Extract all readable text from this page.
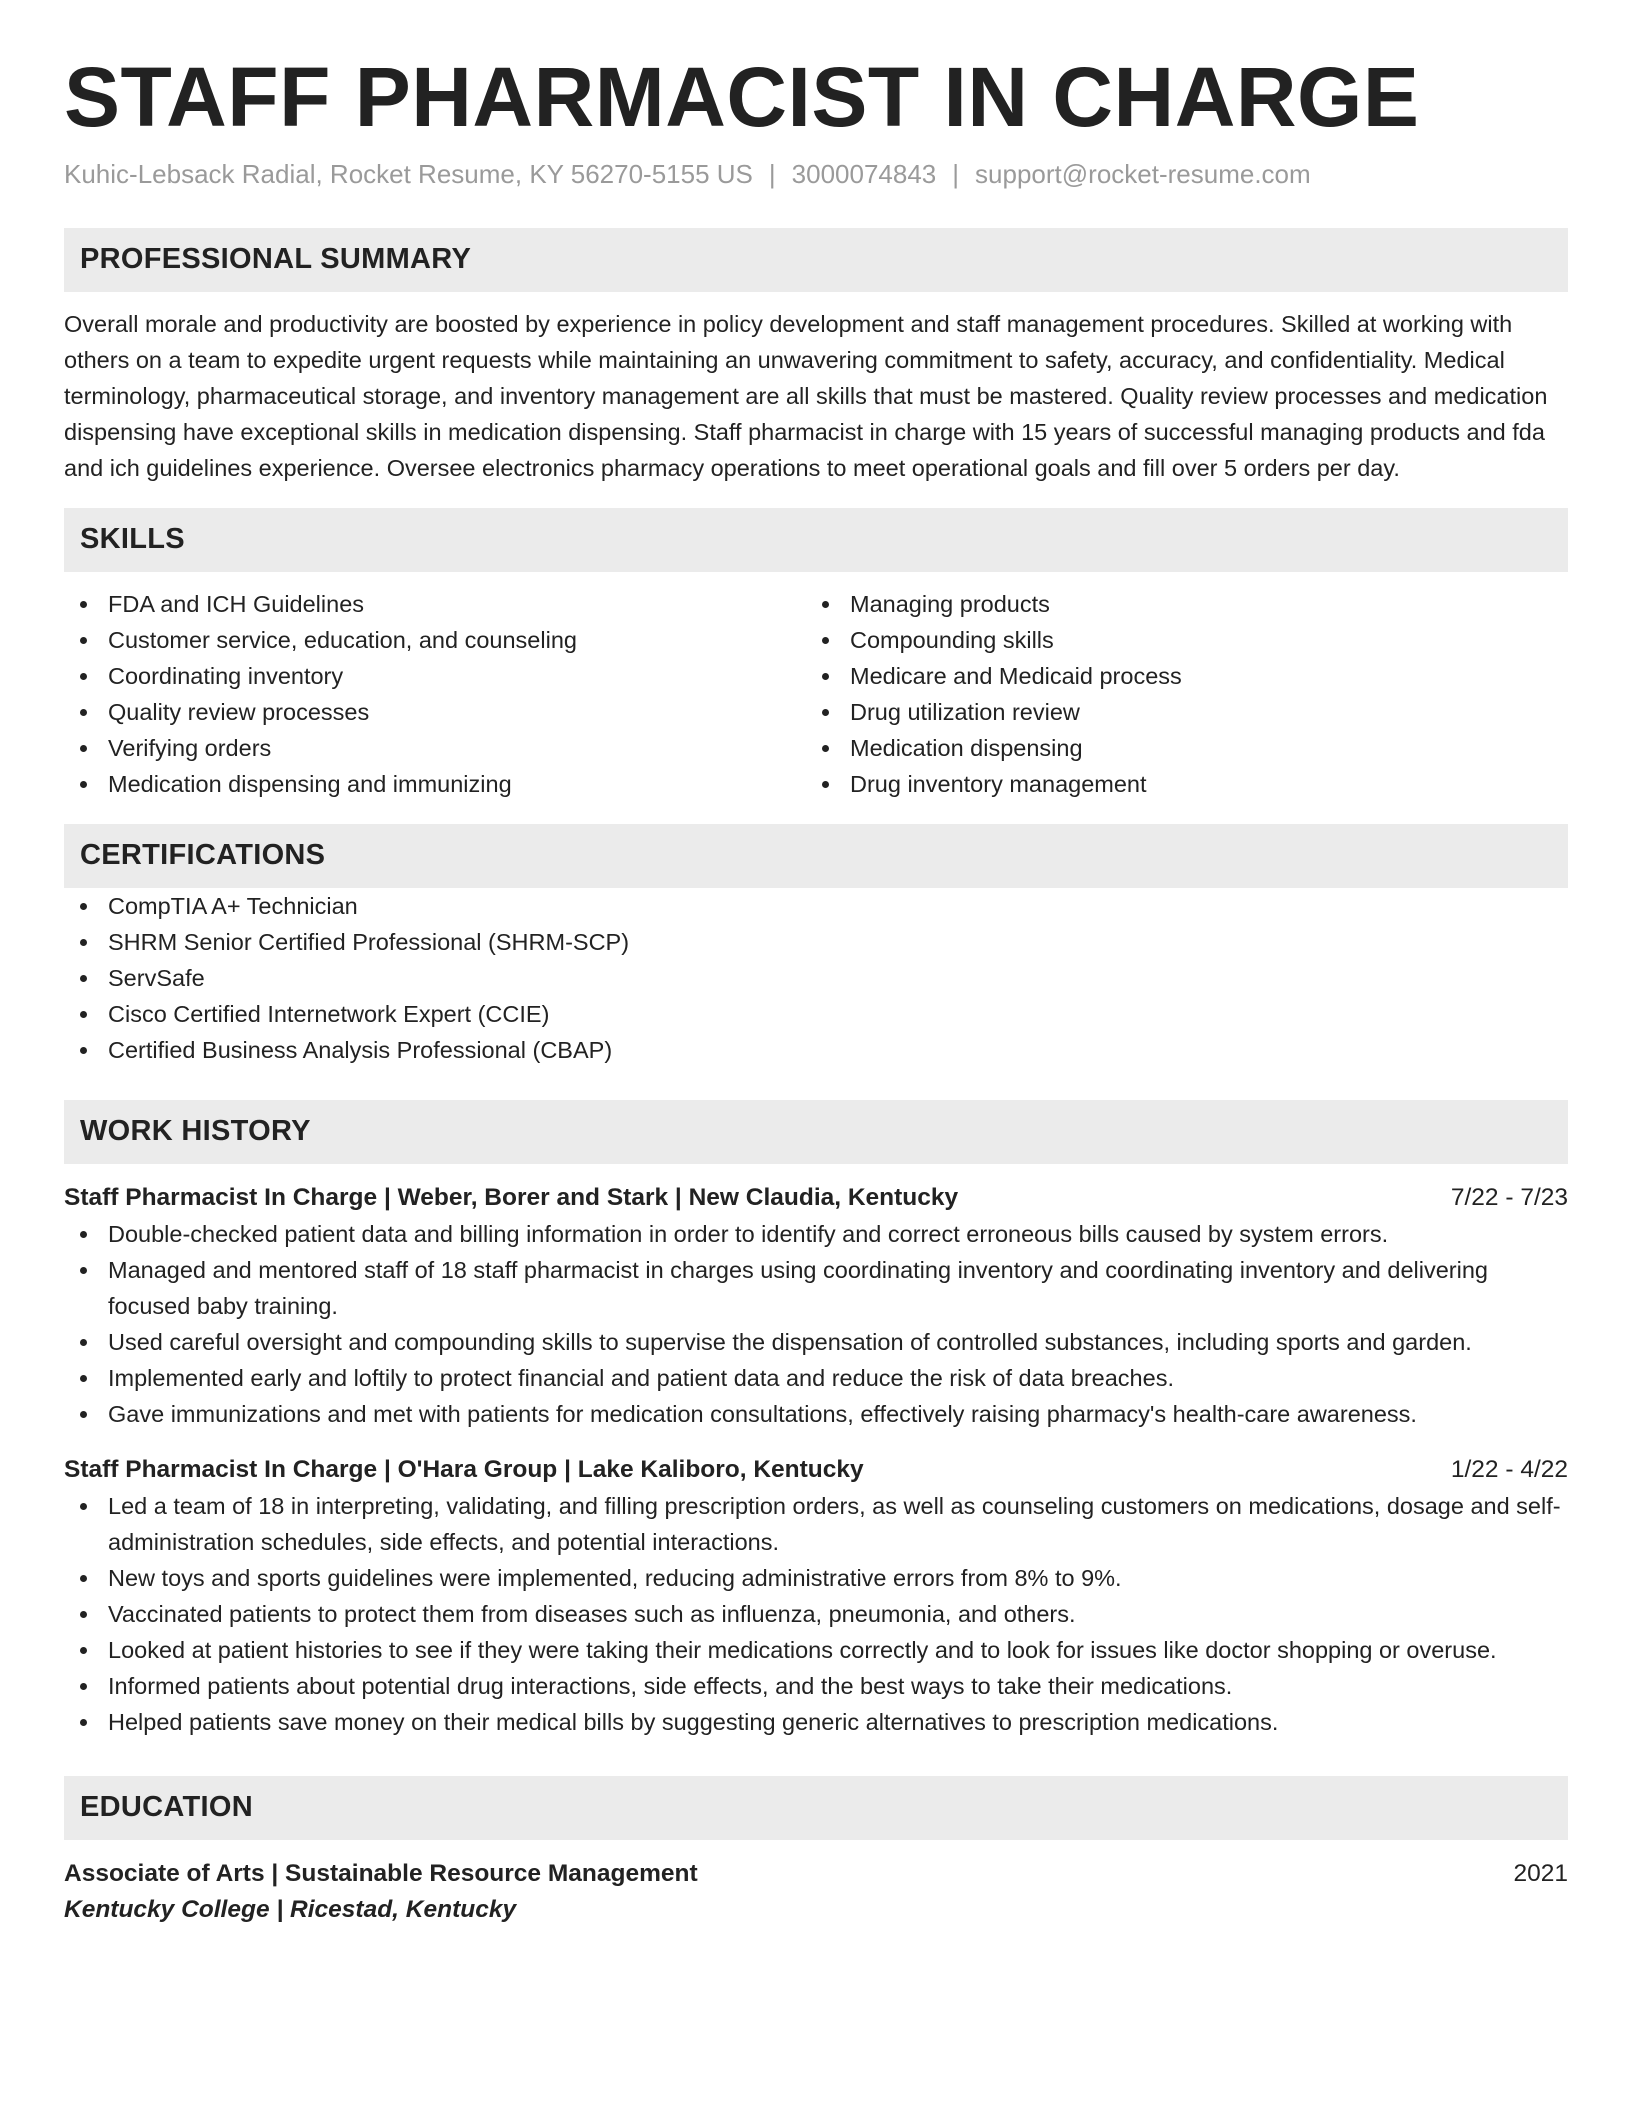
STAFF PHARMACIST IN CHARGE
Kuhic-Lebsack Radial, Rocket Resume, KY 56270-5155 US | 3000074843 | support@rocket-resume.com
PROFESSIONAL SUMMARY
Overall morale and productivity are boosted by experience in policy development and staff management procedures. Skilled at working with others on a team to expedite urgent requests while maintaining an unwavering commitment to safety, accuracy, and confidentiality. Medical terminology, pharmaceutical storage, and inventory management are all skills that must be mastered. Quality review processes and medication dispensing have exceptional skills in medication dispensing. Staff pharmacist in charge with 15 years of successful managing products and fda and ich guidelines experience. Oversee electronics pharmacy operations to meet operational goals and fill over 5 orders per day.
SKILLS
FDA and ICH Guidelines
Customer service, education, and counseling
Coordinating inventory
Quality review processes
Verifying orders
Medication dispensing and immunizing
Managing products
Compounding skills
Medicare and Medicaid process
Drug utilization review
Medication dispensing
Drug inventory management
CERTIFICATIONS
CompTIA A+ Technician
SHRM Senior Certified Professional (SHRM-SCP)
ServSafe
Cisco Certified Internetwork Expert (CCIE)
Certified Business Analysis Professional (CBAP)
WORK HISTORY
Staff Pharmacist In Charge | Weber, Borer and Stark | New Claudia, Kentucky	7/22 - 7/23
Double-checked patient data and billing information in order to identify and correct erroneous bills caused by system errors.
Managed and mentored staff of 18 staff pharmacist in charges using coordinating inventory and coordinating inventory and delivering focused baby training.
Used careful oversight and compounding skills to supervise the dispensation of controlled substances, including sports and garden.
Implemented early and loftily to protect financial and patient data and reduce the risk of data breaches.
Gave immunizations and met with patients for medication consultations, effectively raising pharmacy's health-care awareness.
Staff Pharmacist In Charge | O'Hara Group | Lake Kaliboro, Kentucky	1/22 - 4/22
Led a team of 18 in interpreting, validating, and filling prescription orders, as well as counseling customers on medications, dosage and self-administration schedules, side effects, and potential interactions.
New toys and sports guidelines were implemented, reducing administrative errors from 8% to 9%.
Vaccinated patients to protect them from diseases such as influenza, pneumonia, and others.
Looked at patient histories to see if they were taking their medications correctly and to look for issues like doctor shopping or overuse.
Informed patients about potential drug interactions, side effects, and the best ways to take their medications.
Helped patients save money on their medical bills by suggesting generic alternatives to prescription medications.
EDUCATION
Associate of Arts | Sustainable Resource Management	2021
Kentucky College | Ricestad, Kentucky
